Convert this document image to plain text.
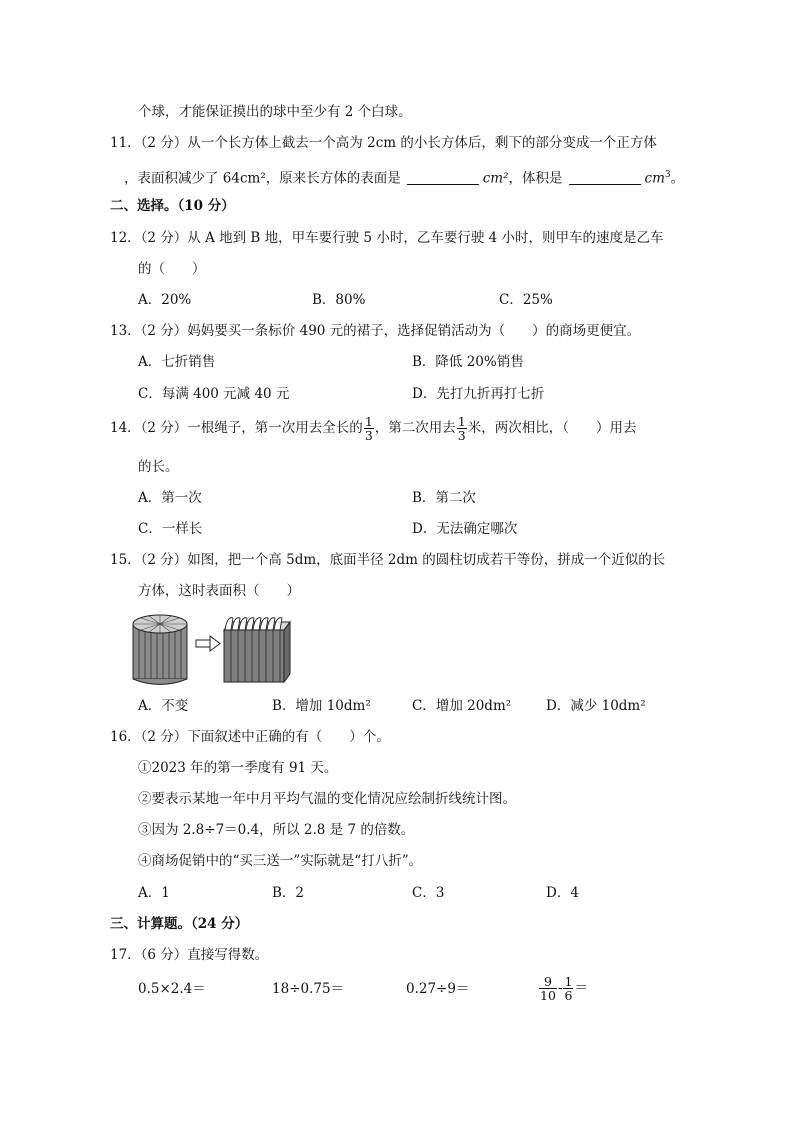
个球，才能保证摸出的球中至少有 2 个白球。
11．（2 分）从一个长方体上截去一个高为 2cm 的小长方体后，剩下的部分变成一个正方体
，表面积减少了 64cm²，原来长方体的表面是	cm²，体积是	$cm^3$。
二、选择。（10 分）
12．（2 分）从 A 地到 B 地，甲车要行驶 5 小时，乙车要行驶 4 小时，则甲车的速度是乙车
的（　　）
A．20%	B．80%	C．25%
13．（2 分）妈妈要买一条标价 490 元的裙子，选择促销活动为（　　）的商场更便宜。
A．七折销售	B．降低 20%销售
C．每满 400 元减 40 元	D．先打九折再打七折
14．（2 分）一根绳子，第一次用去全长的 $\frac{1}{3}$ ，第二次用去 $\frac{1}{3}$ 米，两次相比，（　　）用去
的长。
A．第一次	B．第二次
C．一样长	D．无法确定哪次
15．（2 分）如图，把一个高 5dm，底面半径 2dm 的圆柱切成若干等份，拼成一个近似的长
方体，这时表面积（　　）
A．不变	B．增加 10dm²	C．增加 20dm²	D．减少 10dm²
16．（2 分）下面叙述中正确的有（　　）个。
①2023 年的第一季度有 91 天。
②要表示某地一年中月平均气温的变化情况应绘制折线统计图。
③因为 2.8÷7＝0.4，所以 2.8 是 7 的倍数。
④商场促销中的“买三送一”实际就是“打八折”。
A．1	B．2	C．3	D．4
三、计算题。（24 分）
17．（6 分）直接写得数。
0.5×2.4＝	18÷0.75＝	0.27÷9＝	$\frac{9}{10} - \frac{1}{6}$ ＝
